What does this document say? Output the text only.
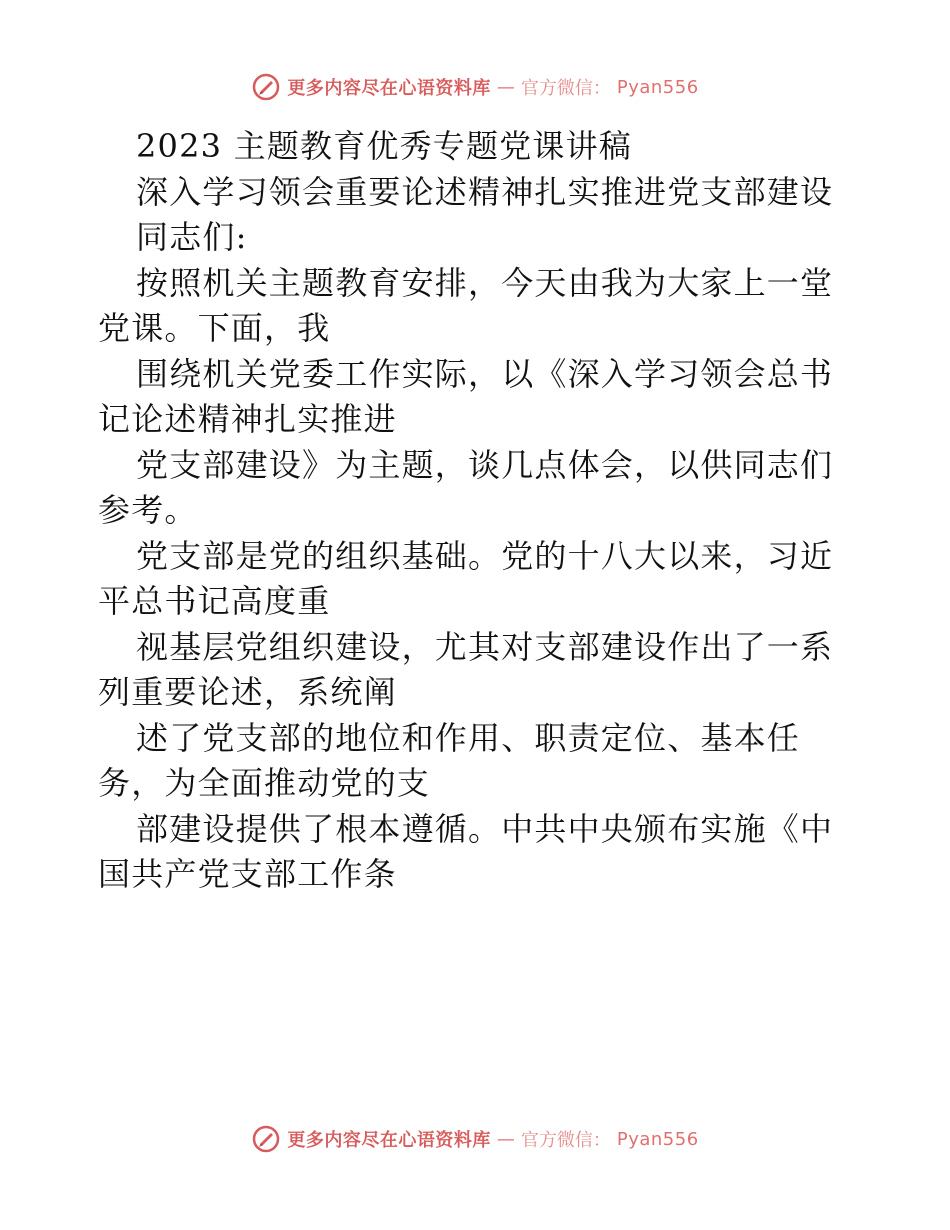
更多内容尽在心语资料库 — 官方微信： Pyan556
2023 主题教育优秀专题党课讲稿
深入学习领会重要论述精神扎实推进党支部建设
同志们:
按照机关主题教育安排，今天由我为大家上一堂
党课。下面，我
围绕机关党委工作实际，以《深入学习领会总书
记论述精神扎实推进
党支部建设》为主题，谈几点体会，以供同志们
参考。
党支部是党的组织基础。党的十八大以来，习近
平总书记高度重
视基层党组织建设，尤其对支部建设作出了一系
列重要论述，系统阐
述了党支部的地位和作用、职责定位、基本任
务，为全面推动党的支
部建设提供了根本遵循。中共中央颁布实施《中
国共产党支部工作条
更多内容尽在心语资料库 — 官方微信： Pyan556
